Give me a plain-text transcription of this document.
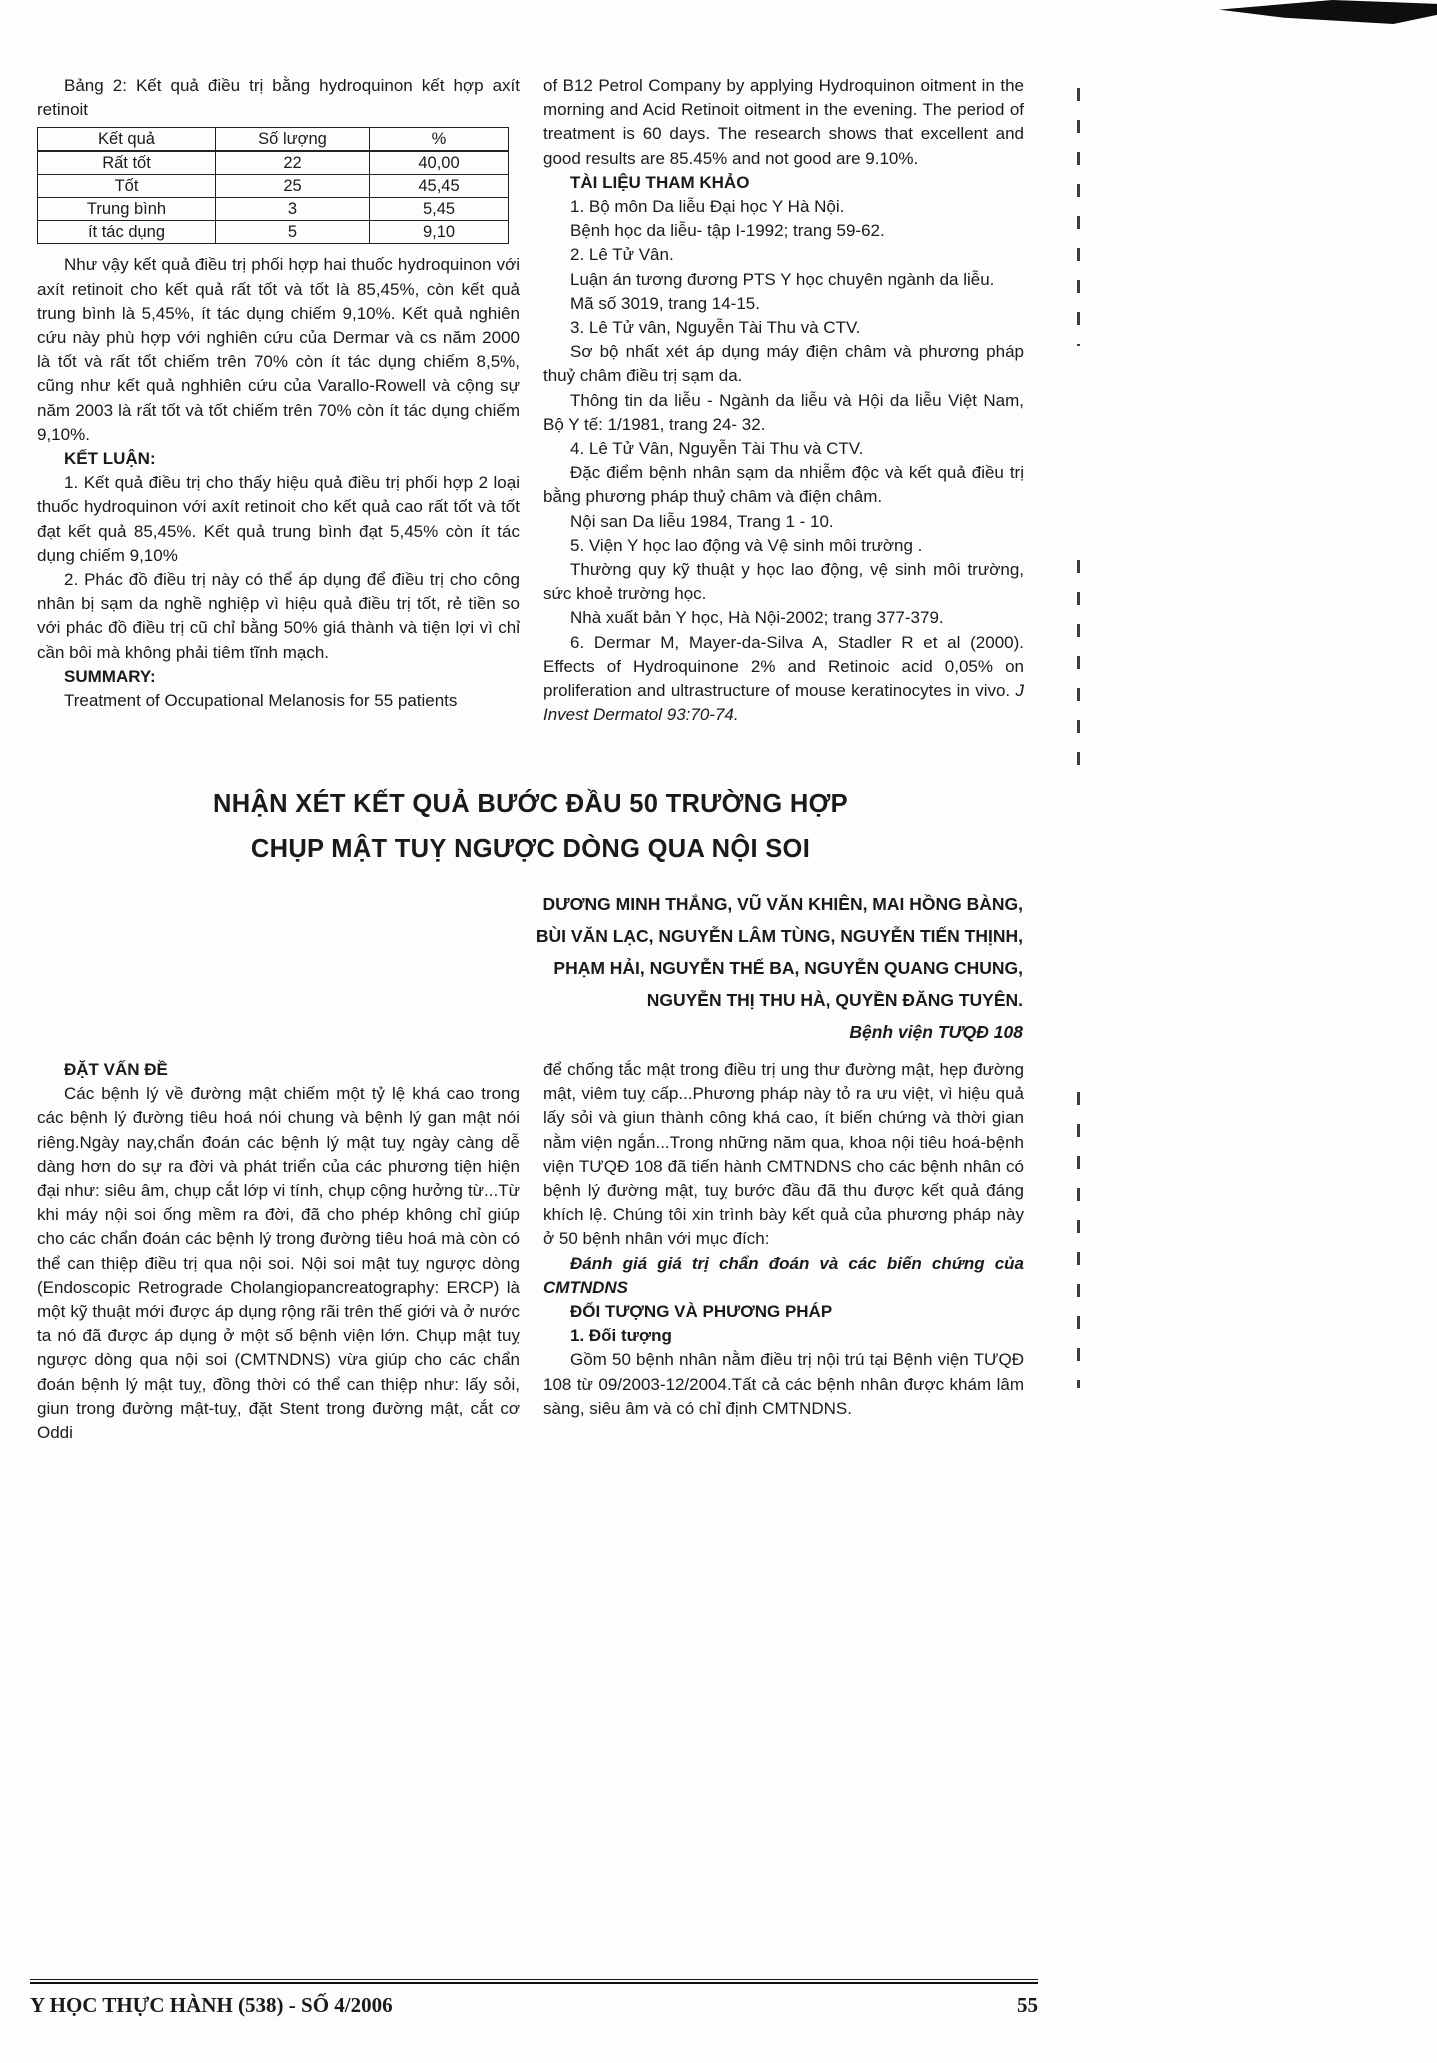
Bảng 2: Kết quả điều trị bằng hydroquinon kết hợp axít retinoit

Kết quả	Số lượng	%
Rất tốt	22	40,00
Tốt	25	45,45
Trung bình	3	5,45
ít tác dụng	5	9,10

Như vậy kết quả điều trị phối hợp hai thuốc hydroquinon với axít retinoit cho kết quả rất tốt và tốt là 85,45%, còn kết quả trung bình là 5,45%, ít tác dụng chiếm 9,10%. Kết quả nghiên cứu này phù hợp với nghiên cứu của Dermar và cs năm 2000 là tốt và rất tốt chiếm trên 70% còn ít tác dụng chiếm 8,5%, cũng như kết quả nghhiên cứu của Varallo-Rowell và cộng sự năm 2003 là rất tốt và tốt chiếm trên 70% còn ít tác dụng chiếm 9,10%.

KẾT LUẬN:

1. Kết quả điều trị cho thấy hiệu quả điều trị phối hợp 2 loại thuốc hydroquinon với axít retinoit cho kết quả cao rất tốt và tốt đạt kết quả 85,45%. Kết quả trung bình đạt 5,45% còn ít tác dụng chiếm 9,10%

2. Phác đồ điều trị này có thể áp dụng để điều trị cho công nhân bị sạm da nghề nghiệp vì hiệu quả điều trị tốt, rẻ tiền so với phác đồ điều trị cũ chỉ bằng 50% giá thành và tiện lợi vì chỉ cần bôi mà không phải tiêm tĩnh mạch.

SUMMARY:

Treatment of Occupational Melanosis for 55 patients

of B12 Petrol Company by applying Hydroquinon oitment in the morning and Acid Retinoit oitment in the evening. The period of treatment is 60 days. The research shows that excellent and good results are 85.45% and not good are 9.10%.

TÀI LIỆU THAM KHẢO

1. Bộ môn Da liễu Đại học Y Hà Nội.

Bệnh học da liễu- tập I-1992; trang 59-62.

2. Lê Tử Vân.

Luận án tương đương PTS Y học chuyên ngành da liễu.

Mã số 3019, trang 14-15.

3. Lê Tử vân, Nguyễn Tài Thu và CTV.

Sơ bộ nhất xét áp dụng máy điện châm và phương pháp thuỷ châm điều trị sạm da.

Thông tin da liễu - Ngành da liễu và Hội da liễu Việt Nam, Bộ Y tế: 1/1981, trang 24- 32.

4. Lê Tử Vân, Nguyễn Tài Thu và CTV.

Đặc điểm bệnh nhân sạm da nhiễm độc và kết quả điều trị bằng phương pháp thuỷ châm và điện châm.

Nội san Da liễu 1984, Trang 1 - 10.

5. Viện Y học lao động và Vệ sinh môi trường .

Thường quy kỹ thuật y học lao động, vệ sinh môi trường, sức khoẻ trường học.

Nhà xuất bản Y học, Hà Nội-2002; trang 377-379.

6. Dermar M, Mayer-da-Silva A, Stadler R et al (2000). Effects of Hydroquinone 2% and Retinoic acid 0,05% on proliferation and ultrastructure of mouse keratinocytes in vivo. J Invest Dermatol 93:70-74.

NHẬN XÉT KẾT QUẢ BƯỚC ĐẦU 50 TRƯỜNG HỢP
CHỤP MẬT TUỴ NGƯỢC DÒNG QUA NỘI SOI
DƯƠNG MINH THẮNG, VŨ VĂN KHIÊN, MAI HỒNG BÀNG,
BÙI VĂN LẠC, NGUYỄN LÂM TÙNG, NGUYỄN TIẾN THỊNH,
PHẠM HẢI, NGUYỄN THẾ BA, NGUYỄN QUANG CHUNG,
NGUYỄN THỊ THU HÀ, QUYỀN ĐĂNG TUYÊN.
Bệnh viện TƯQĐ 108

ĐẶT VẤN ĐỀ

Các bệnh lý về đường mật chiếm một tỷ lệ khá cao trong các bệnh lý đường tiêu hoá nói chung và bệnh lý gan mật nói riêng.Ngày nay,chẩn đoán các bệnh lý mật tuỵ ngày càng dễ dàng hơn do sự ra đời và phát triển của các phương tiện hiện đại như: siêu âm, chụp cắt lớp vi tính, chụp cộng hưởng từ...Từ khi máy nội soi ống mềm ra đời, đã cho phép không chỉ giúp cho các chẩn đoán các bệnh lý trong đường tiêu hoá mà còn có thể can thiệp điều trị qua nội soi. Nội soi mật tuỵ ngược dòng (Endoscopic Retrograde Cholangiopancreatography: ERCP) là một kỹ thuật mới được áp dụng rộng rãi trên thế giới và ở nước ta nó đã được áp dụng ở một số bệnh viện lớn. Chụp mật tuỵ ngược dòng qua nội soi (CMTNDNS) vừa giúp cho các chẩn đoán bệnh lý mật tuỵ, đồng thời có thể can thiệp như: lấy sỏi, giun trong đường mật-tuỵ, đặt Stent trong đường mật, cắt cơ Oddi

để chống tắc mật trong điều trị ung thư đường mật, hẹp đường mật, viêm tuỵ cấp...Phương pháp này tỏ ra ưu việt, vì hiệu quả lấy sỏi và giun thành công khá cao, ít biến chứng và thời gian nằm viện ngắn...Trong những năm qua, khoa nội tiêu hoá-bệnh viện TƯQĐ 108 đã tiến hành CMTNDNS cho các bệnh nhân có bệnh lý đường mật, tuỵ bước đầu đã thu được kết quả đáng khích lệ. Chúng tôi xin trình bày kết quả của phương pháp này ở 50 bệnh nhân với mục đích:

Đánh giá giá trị chẩn đoán và các biến chứng của CMTNDNS

ĐỐI TƯỢNG VÀ PHƯƠNG PHÁP

1. Đối tượng

Gồm 50 bệnh nhân nằm điều trị nội trú tại Bệnh viện TƯQĐ 108 từ 09/2003-12/2004.Tất cả các bệnh nhân được khám lâm sàng, siêu âm và có chỉ định CMTNDNS.

Y HỌC THỰC HÀNH (538) - SỐ 4/2006	55
